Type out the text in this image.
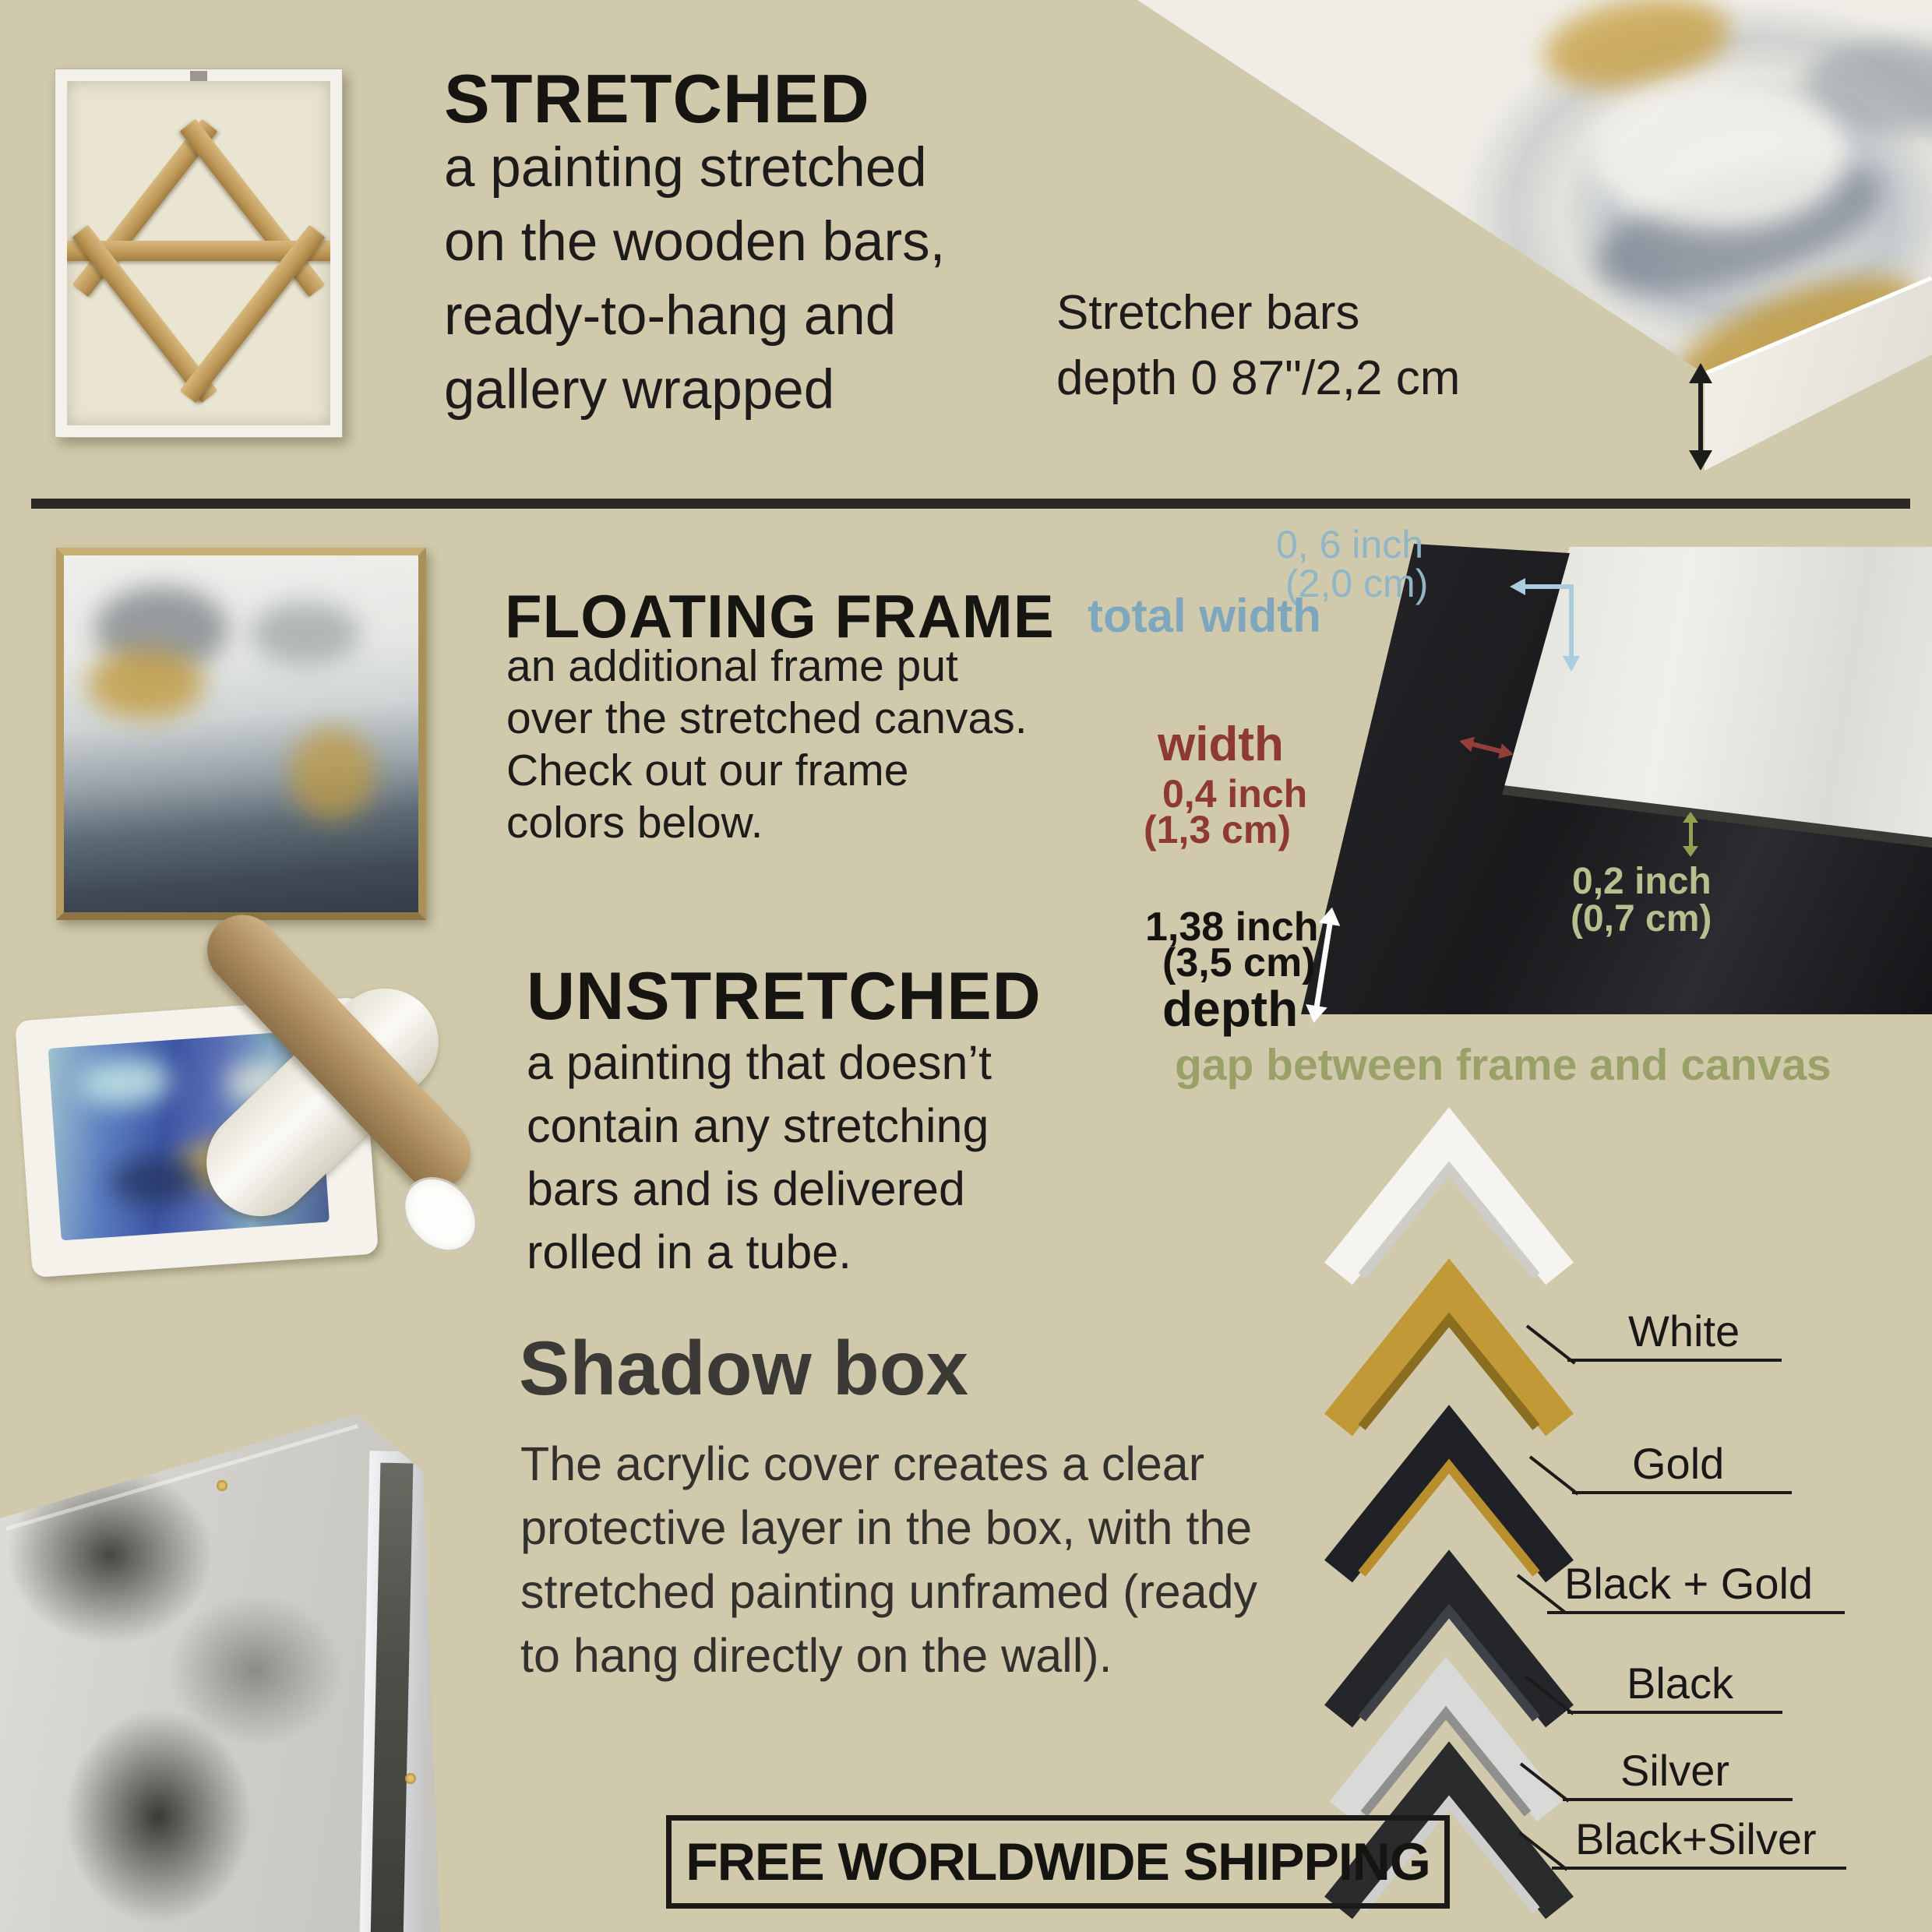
STRETCHED
a painting stretched
on the wooden bars,
ready-to-hang and
gallery wrapped
Stretcher bars
depth 0 87"/2,2 cm
FLOATING FRAME
an additional frame put
over the stretched canvas.
Check out our frame
colors below.
0, 6 inch
(2,0 cm)
total width
width
0,4 inch
(1,3 cm)
1,38 inch
(3,5 cm)
depth
0,2 inch
(0,7 cm)
gap between frame and canvas
UNSTRETCHED
a painting that doesn’t
contain any stretching
bars and is delivered
rolled in a tube.
Shadow box
The acrylic cover creates a clear
protective layer in the box, with the
stretched painting unframed (ready
to hang directly on the wall).
White
Gold
Black + Gold
Black
Silver
Black+Silver
FREE WORLDWIDE SHIPPING
